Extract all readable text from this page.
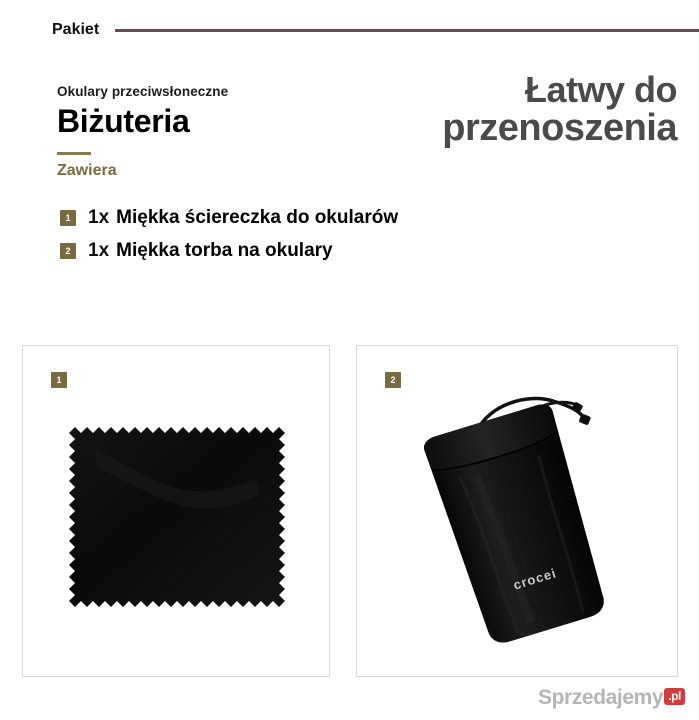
Pakiet
Okulary przeciwsłoneczne
Biżuteria
Zawiera
Łatwy do
przenoszenia
1 1x Miękka ściereczka do okularów
2 1x Miękka torba na okulary
1	2
crocei
Sprzedajemy .pl
